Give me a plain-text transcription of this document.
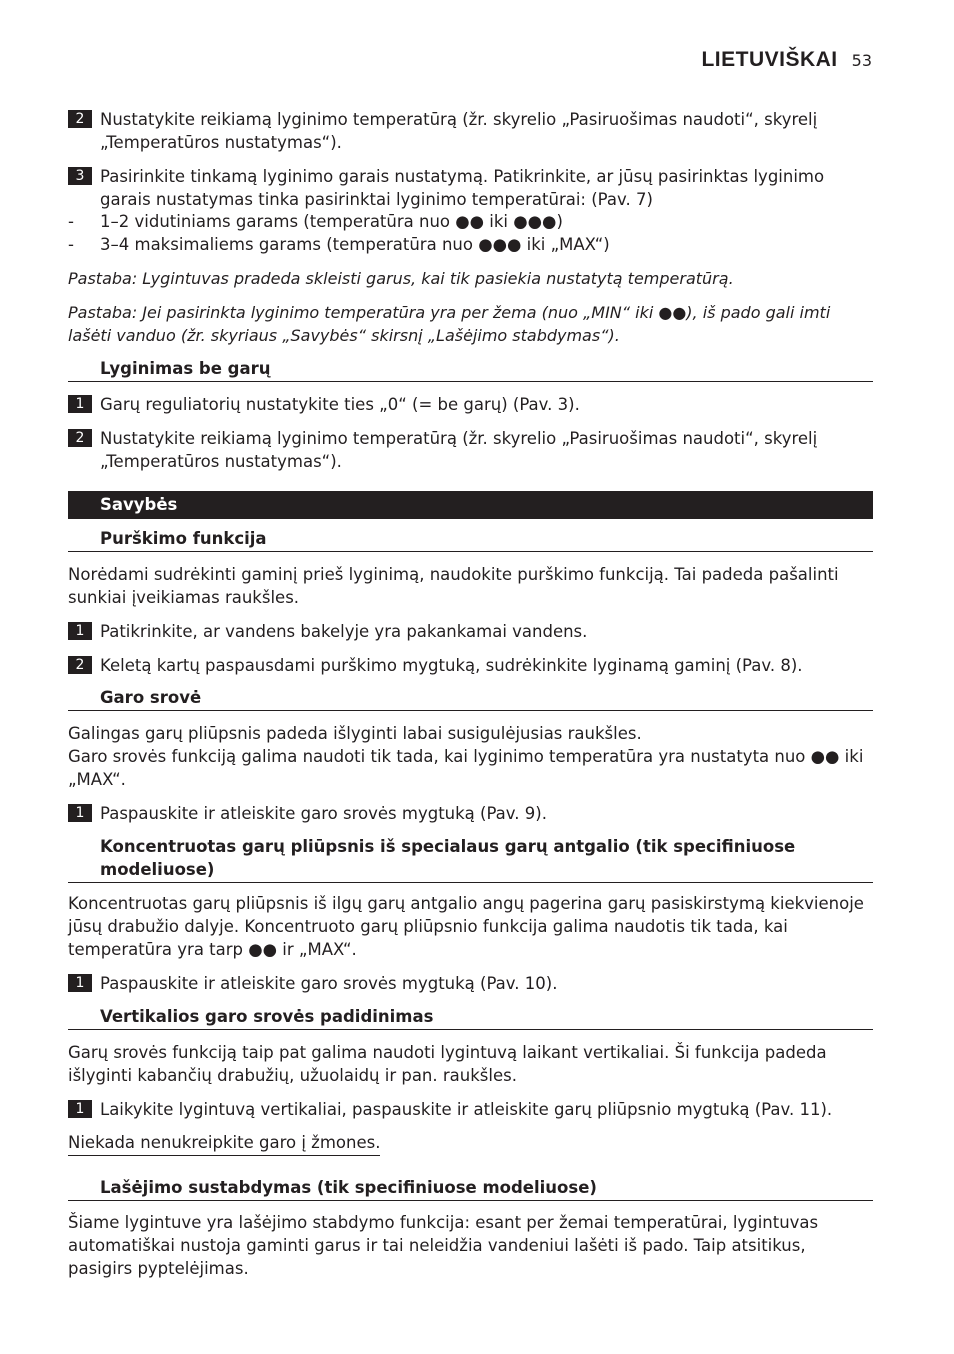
LIETUVIŠKAI 53
2 Nustatykite reikiamą lyginimo temperatūrą (žr. skyrelio „Pasiruošimas naudoti“, skyrelį „Temperatūros nustatymas“).
3 Pasirinkite tinkamą lyginimo garais nustatymą. Patikrinkite, ar jūsų pasirinktas lyginimo garais nustatymas tinka pasirinktai lyginimo temperatūrai: (Pav. 7)
-	1–2 vidutiniams garams (temperatūra nuo ●● iki ●●●)
-	3–4 maksimaliems garams (temperatūra nuo ●●● iki „MAX“)
Pastaba: Lygintuvas pradeda skleisti garus, kai tik pasiekia nustatytą temperatūrą.
Pastaba: Jei pasirinkta lyginimo temperatūra yra per žema (nuo „MIN“ iki ●●), iš pado gali imti lašėti vanduo (žr. skyriaus „Savybės“ skirsnį „Lašėjimo stabdymas“).
Lyginimas be garų
1 Garų reguliatorių nustatykite ties „0“ (= be garų) (Pav. 3).
2 Nustatykite reikiamą lyginimo temperatūrą (žr. skyrelio „Pasiruošimas naudoti“, skyrelį „Temperatūros nustatymas“).
Savybės
Purškimo funkcija
Norėdami sudrėkinti gaminį prieš lyginimą, naudokite purškimo funkciją. Tai padeda pašalinti sunkiai įveikiamas raukšles.
1 Patikrinkite, ar vandens bakelyje yra pakankamai vandens.
2 Keletą kartų paspausdami purškimo mygtuką, sudrėkinkite lyginamą gaminį (Pav. 8).
Garo srovė
Galingas garų pliūpsnis padeda išlyginti labai susigulėjusias raukšles.
Garo srovės funkciją galima naudoti tik tada, kai lyginimo temperatūra yra nustatyta nuo ●● iki „MAX“.
1 Paspauskite ir atleiskite garo srovės mygtuką (Pav. 9).
Koncentruotas garų pliūpsnis iš specialaus garų antgalio (tik specifiniuose modeliuose)
Koncentruotas garų pliūpsnis iš ilgų garų antgalio angų pagerina garų pasiskirstymą kiekvienoje jūsų drabužio dalyje. Koncentruoto garų pliūpsnio funkcija galima naudotis tik tada, kai temperatūra yra tarp ●● ir „MAX“.
1 Paspauskite ir atleiskite garo srovės mygtuką (Pav. 10).
Vertikalios garo srovės padidinimas
Garų srovės funkciją taip pat galima naudoti lygintuvą laikant vertikaliai. Ši funkcija padeda išlyginti kabančių drabužių, užuolaidų ir pan. raukšles.
1 Laikykite lygintuvą vertikaliai, paspauskite ir atleiskite garų pliūpsnio mygtuką (Pav. 11).
Niekada nenukreipkite garo į žmones.
Lašėjimo sustabdymas (tik specifiniuose modeliuose)
Šiame lygintuve yra lašėjimo stabdymo funkcija: esant per žemai temperatūrai, lygintuvas automatiškai nustoja gaminti garus ir tai neleidžia vandeniui lašėti iš pado. Taip atsitikus, pasigirs pyptelėjimas.
